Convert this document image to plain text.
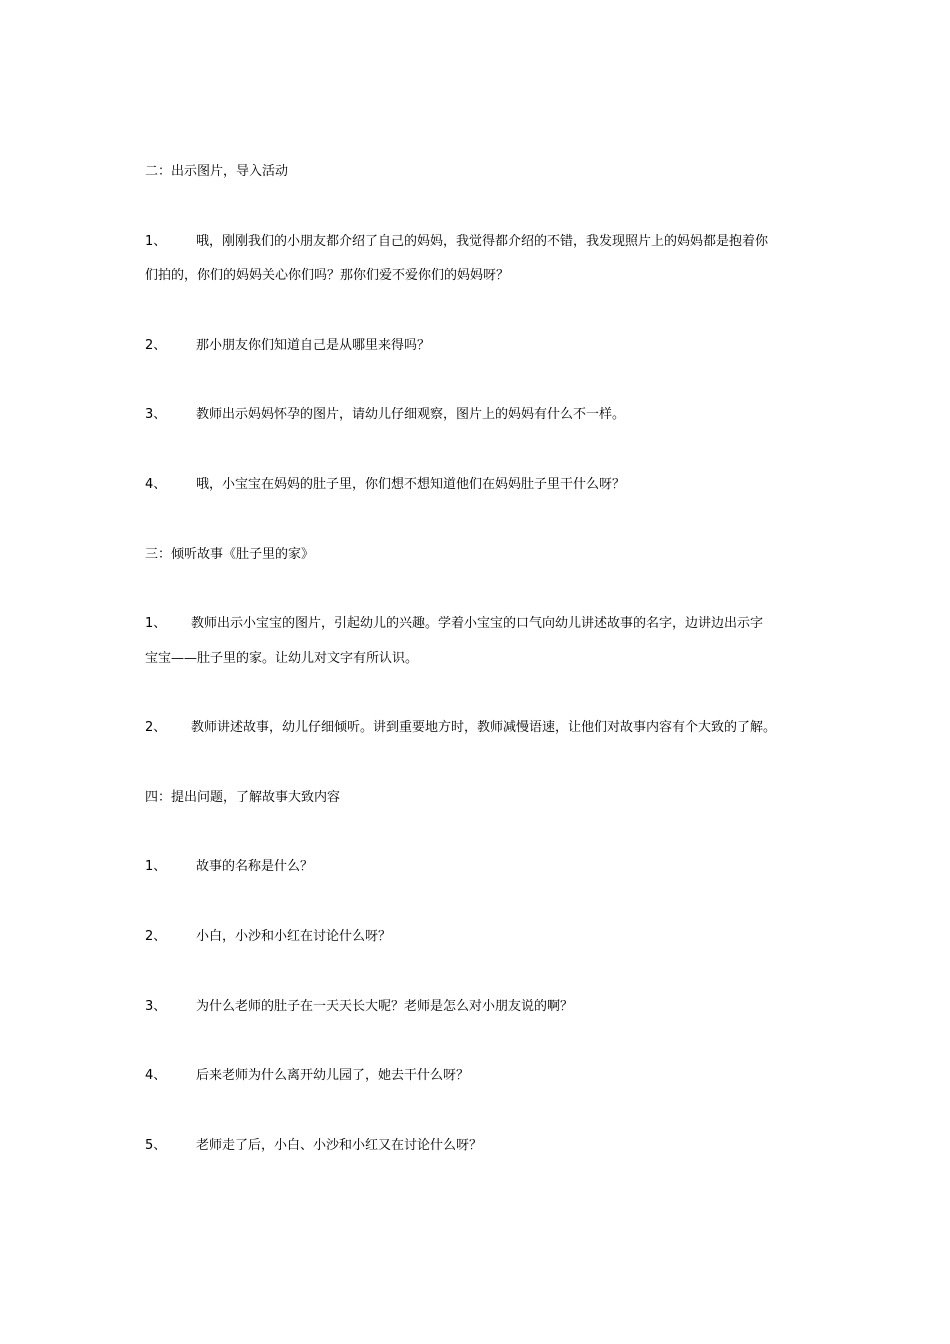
二：出示图片，导入活动
1、 哦，刚刚我们的小朋友都介绍了自己的妈妈，我觉得都介绍的不错，我发现照片上的妈妈都是抱着你
们拍的，你们的妈妈关心你们吗？那你们爱不爱你们的妈妈呀？
2、 那小朋友你们知道自己是从哪里来得吗？
3、 教师出示妈妈怀孕的图片，请幼儿仔细观察，图片上的妈妈有什么不一样。
4、 哦，小宝宝在妈妈的肚子里，你们想不想知道他们在妈妈肚子里干什么呀？
三：倾听故事《肚子里的家》
1、 教师出示小宝宝的图片，引起幼儿的兴趣。学着小宝宝的口气向幼儿讲述故事的名字，边讲边出示字
宝宝——肚子里的家。让幼儿对文字有所认识。
2、 教师讲述故事，幼儿仔细倾听。讲到重要地方时，教师减慢语速，让他们对故事内容有个大致的了解。
四：提出问题，了解故事大致内容
1、 故事的名称是什么？
2、 小白，小沙和小红在讨论什么呀？
3、 为什么老师的肚子在一天天长大呢？老师是怎么对小朋友说的啊？
4、 后来老师为什么离开幼儿园了，她去干什么呀？
5、 老师走了后，小白、小沙和小红又在讨论什么呀？
